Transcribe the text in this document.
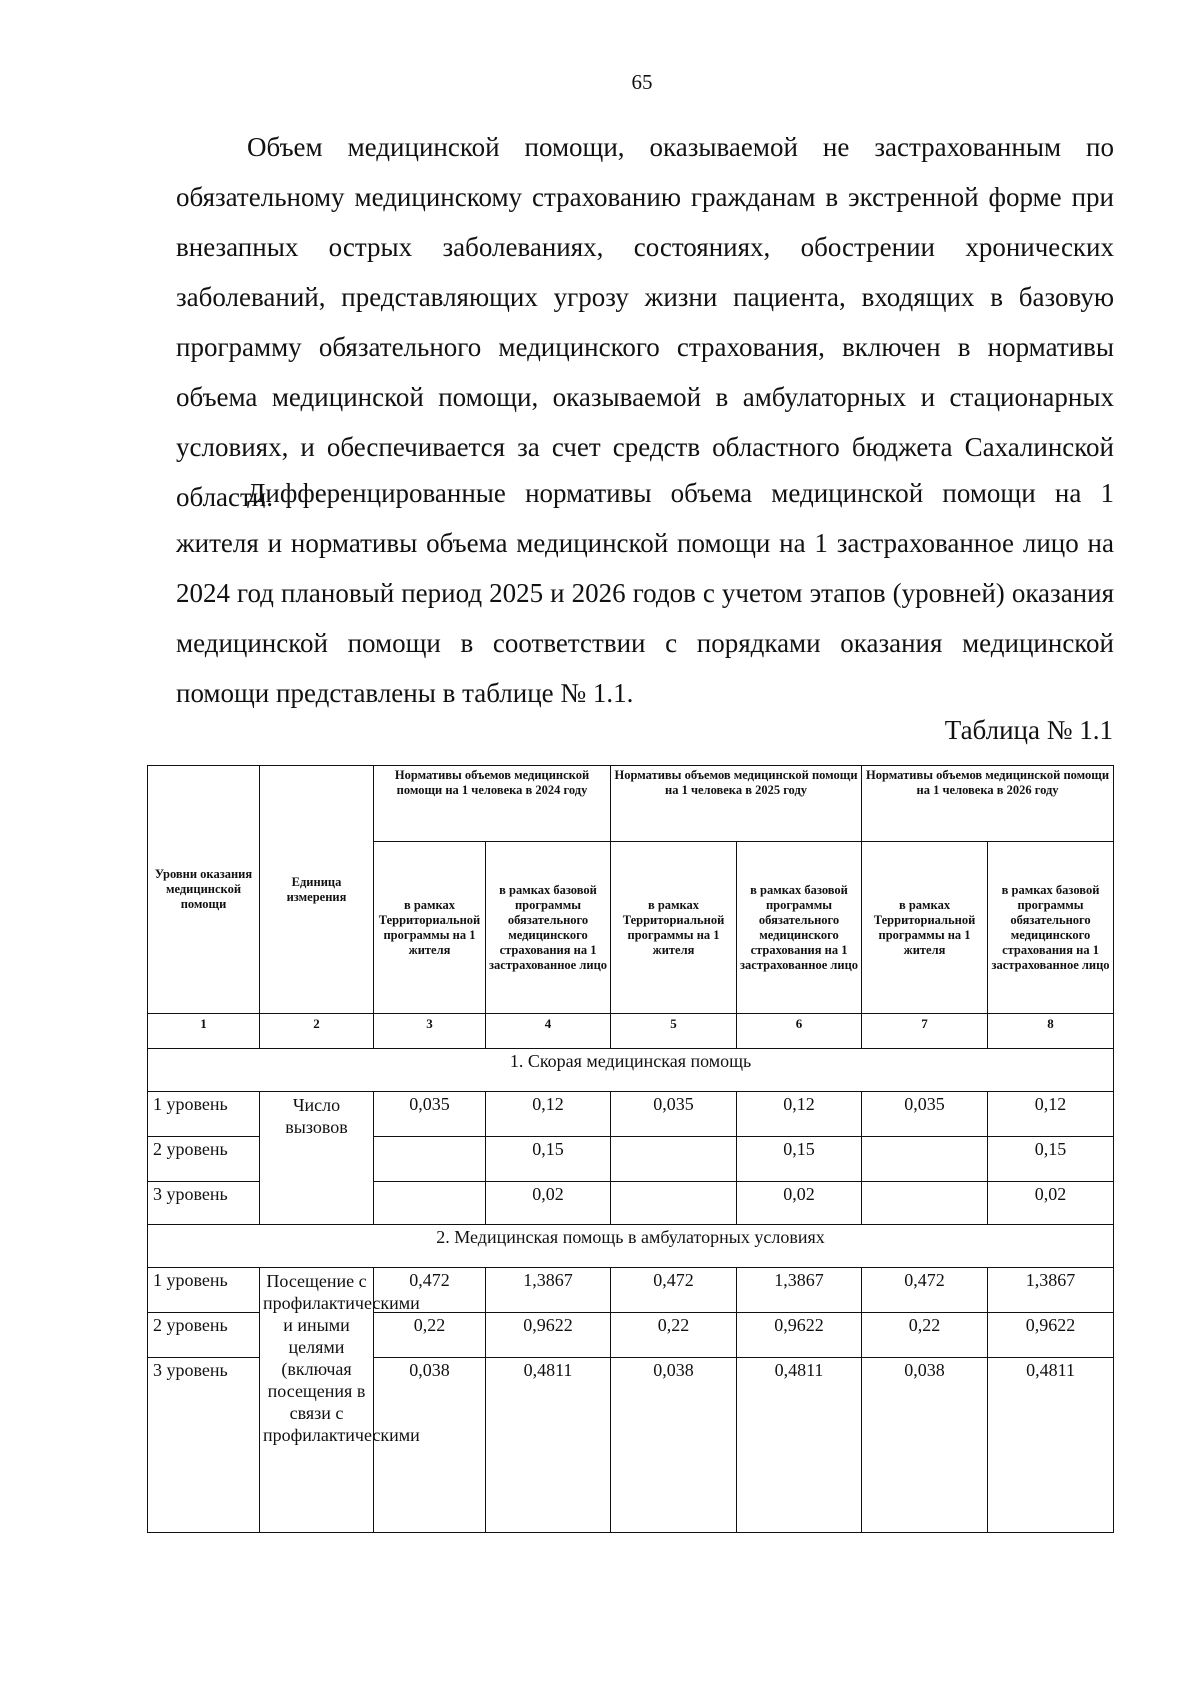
65

Объем медицинской помощи, оказываемой не застрахованным по обязательному медицинскому страхованию гражданам в экстренной форме при внезапных острых заболеваниях, состояниях, обострении хронических заболеваний, представляющих угрозу жизни пациента, входящих в базовую программу обязательного медицинского страхования, включен в нормативы объема медицинской помощи, оказываемой в амбулаторных и стационарных условиях, и обеспечивается за счет средств областного бюджета Сахалинской области.

Дифференцированные нормативы объема медицинской помощи на 1 жителя и нормативы объема медицинской помощи на 1 застрахованное лицо на 2024 год плановый период 2025 и 2026 годов с учетом этапов (уровней) оказания медицинской помощи в соответствии с порядками оказания медицинской помощи представлены в таблице № 1.1.

Таблица № 1.1
Уровни оказания медицинской помощи	Единица измерения	Нормативы объемов медицинской помощи на 1 человека в 2024 году		Нормативы объемов медицинской помощи на 1 человека в 2025 году		Нормативы объемов медицинской помощи на 1 человека в 2026 году	
		в рамках Территориальной программы на 1 жителя	в рамках базовой программы обязательного медицинского страхования на 1 застрахованное лицо	в рамках Территориальной программы на 1 жителя	в рамках базовой программы обязательного медицинского страхования на 1 застрахованное лицо	в рамках Территориальной программы на 1 жителя	в рамках базовой программы обязательного медицинского страхования на 1 застрахованное лицо
1	2	3	4	5	6	7	8
1. Скорая медицинская помощь							
1 уровень	Число вызовов	0,035	0,12	0,035	0,12	0,035	0,12
2 уровень			0,15		0,15		0,15
3 уровень			0,02		0,02		0,02
2. Медицинская помощь в амбулаторных условиях							
1 уровень	Посещение с профилактическими и иными целями (включая посещения в связи с профилактическими	0,472	1,3867	0,472	1,3867	0,472	1,3867
2 уровень		0,22	0,9622	0,22	0,9622	0,22	0,9622
3 уровень		0,038	0,4811	0,038	0,4811	0,038	0,4811
